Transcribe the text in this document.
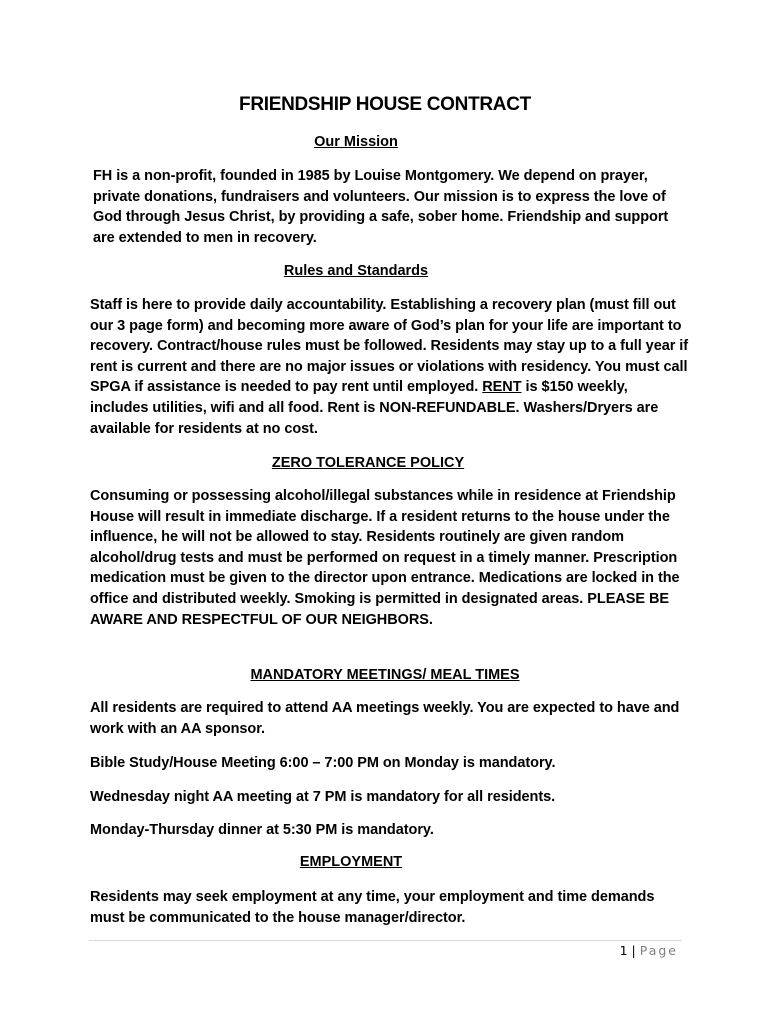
FRIENDSHIP HOUSE CONTRACT
Our Mission

FH is a non-profit, founded in 1985 by Louise Montgomery. We depend on prayer, private donations, fundraisers and volunteers. Our mission is to express the love of God through Jesus Christ, by providing a safe, sober home. Friendship and support are extended to men in recovery.

Rules and Standards

Staff is here to provide daily accountability. Establishing a recovery plan (must fill out our 3 page form) and becoming more aware of God’s plan for your life are important to recovery. Contract/house rules must be followed. Residents may stay up to a full year if rent is current and there are no major issues or violations with residency. You must call SPGA if assistance is needed to pay rent until employed. RENT is $150 weekly, includes utilities, wifi and all food. Rent is NON-REFUNDABLE. Washers/Dryers are available for residents at no cost.

ZERO TOLERANCE POLICY

Consuming or possessing alcohol/illegal substances while in residence at Friendship House will result in immediate discharge. If a resident returns to the house under the influence, he will not be allowed to stay. Residents routinely are given random alcohol/drug tests and must be performed on request in a timely manner. Prescription medication must be given to the director upon entrance. Medications are locked in the office and distributed weekly. Smoking is permitted in designated areas. PLEASE BE AWARE AND RESPECTFUL OF OUR NEIGHBORS.

MANDATORY MEETINGS/ MEAL TIMES

All residents are required to attend AA meetings weekly. You are expected to have and work with an AA sponsor.

Bible Study/House Meeting 6:00 – 7:00 PM on Monday is mandatory.

Wednesday night AA meeting at 7 PM is mandatory for all residents.

Monday-Thursday dinner at 5:30 PM is mandatory.

EMPLOYMENT

Residents may seek employment at any time, your employment and time demands must be communicated to the house manager/director.

1 | Page
